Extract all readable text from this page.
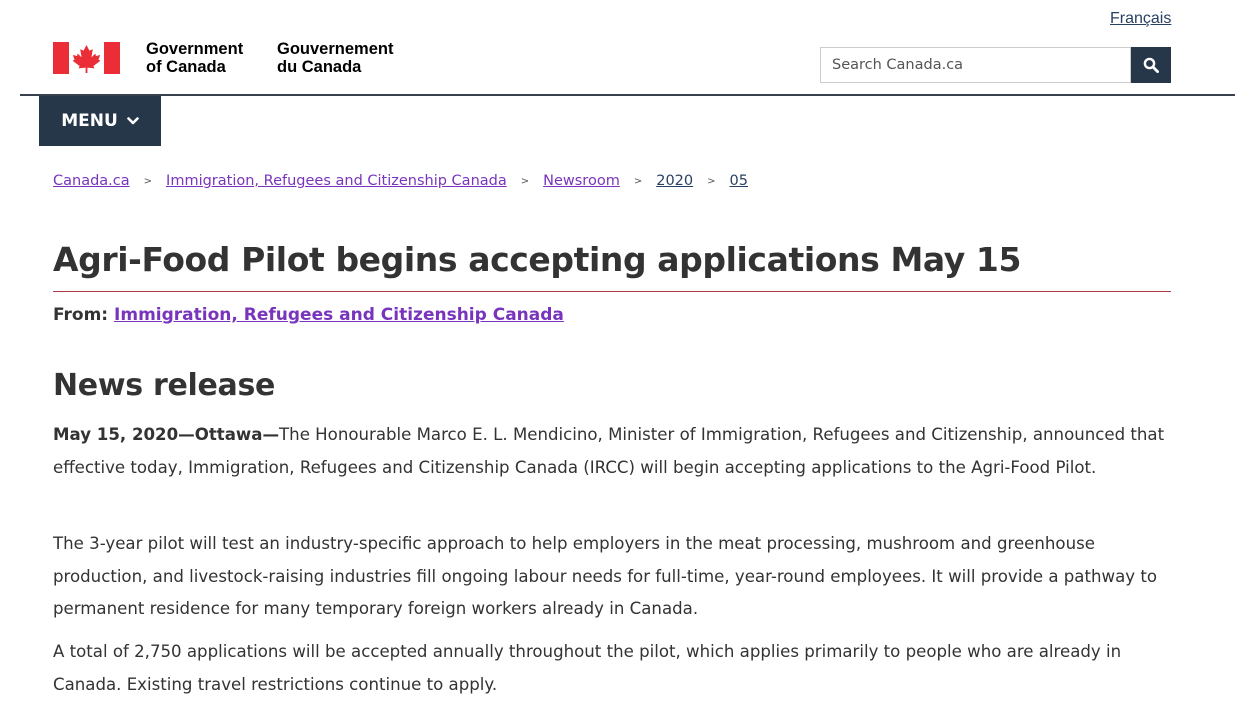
Français
Government
of Canada
Gouvernement
du Canada
Search Canada.ca
MENU
Canada.ca > Immigration, Refugees and Citizenship Canada > Newsroom > 2020 > 05
Agri-Food Pilot begins accepting applications May 15
From: Immigration, Refugees and Citizenship Canada
News release

May 15, 2020—Ottawa—The Honourable Marco E. L. Mendicino, Minister of Immigration, Refugees and Citizenship, announced that effective today, Immigration, Refugees and Citizenship Canada (IRCC) will begin accepting applications to the Agri-Food Pilot.

The 3-year pilot will test an industry-specific approach to help employers in the meat processing, mushroom and greenhouse production, and livestock-raising industries fill ongoing labour needs for full-time, year-round employees. It will provide a pathway to permanent residence for many temporary foreign workers already in Canada.

A total of 2,750 applications will be accepted annually throughout the pilot, which applies primarily to people who are already in Canada. Existing travel restrictions continue to apply.
